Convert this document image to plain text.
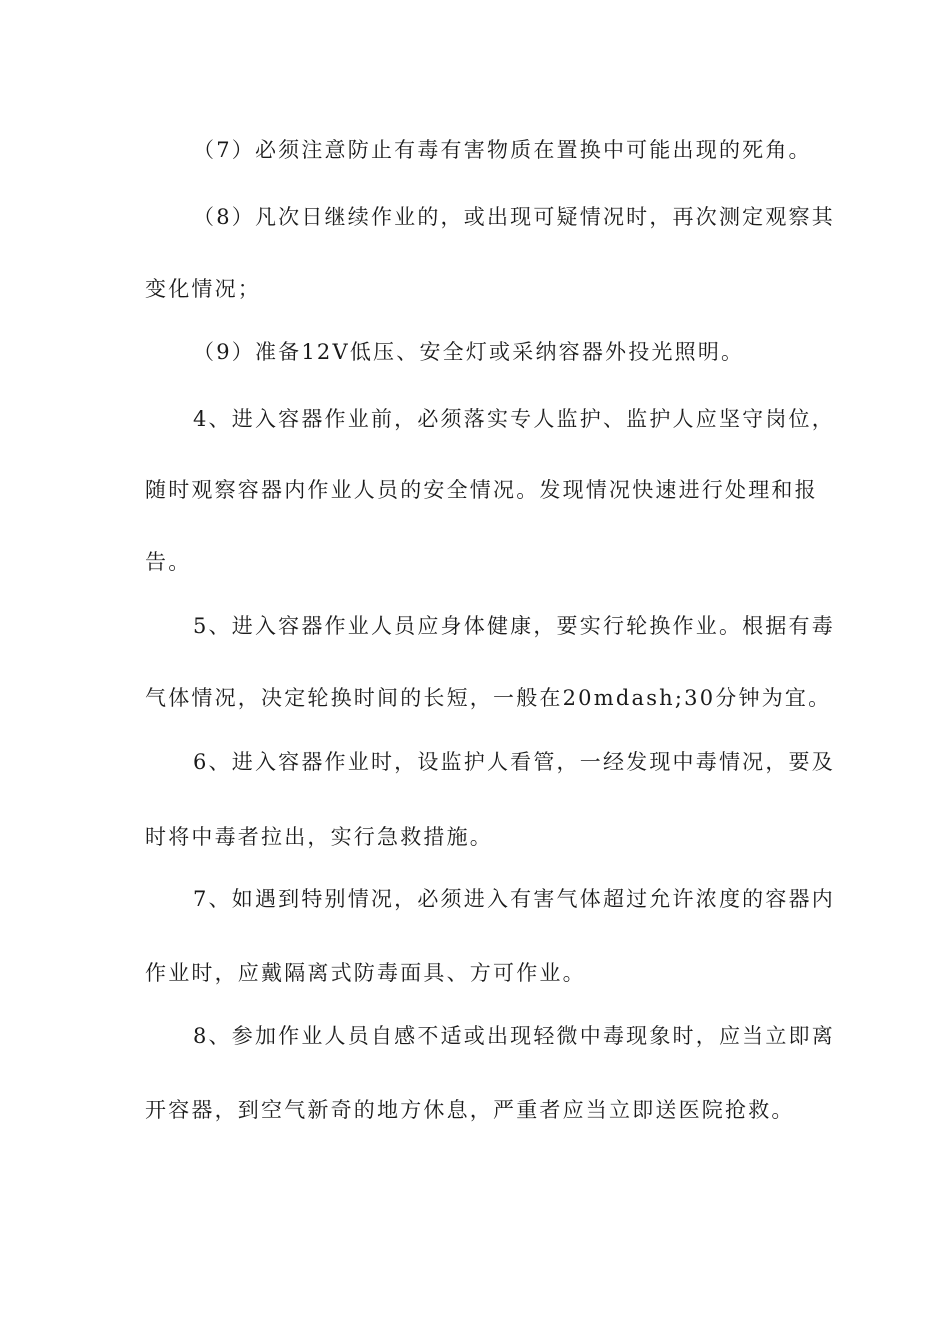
（7）必须注意防止有毒有害物质在置换中可能出现的死角。
（8）凡次日继续作业的，或出现可疑情况时，再次测定观察其
变化情况；
（9）准备12V低压、安全灯或采纳容器外投光照明。
4、进入容器作业前，必须落实专人监护、监护人应坚守岗位，
随时观察容器内作业人员的安全情况。发现情况快速进行处理和报
告。
5、进入容器作业人员应身体健康，要实行轮换作业。根据有毒
气体情况，决定轮换时间的长短，一般在20mdash;30分钟为宜。
6、进入容器作业时，设监护人看管，一经发现中毒情况，要及
时将中毒者拉出，实行急救措施。
7、如遇到特别情况，必须进入有害气体超过允许浓度的容器内
作业时，应戴隔离式防毒面具、方可作业。
8、参加作业人员自感不适或出现轻微中毒现象时，应当立即离
开容器，到空气新奇的地方休息，严重者应当立即送医院抢救。
